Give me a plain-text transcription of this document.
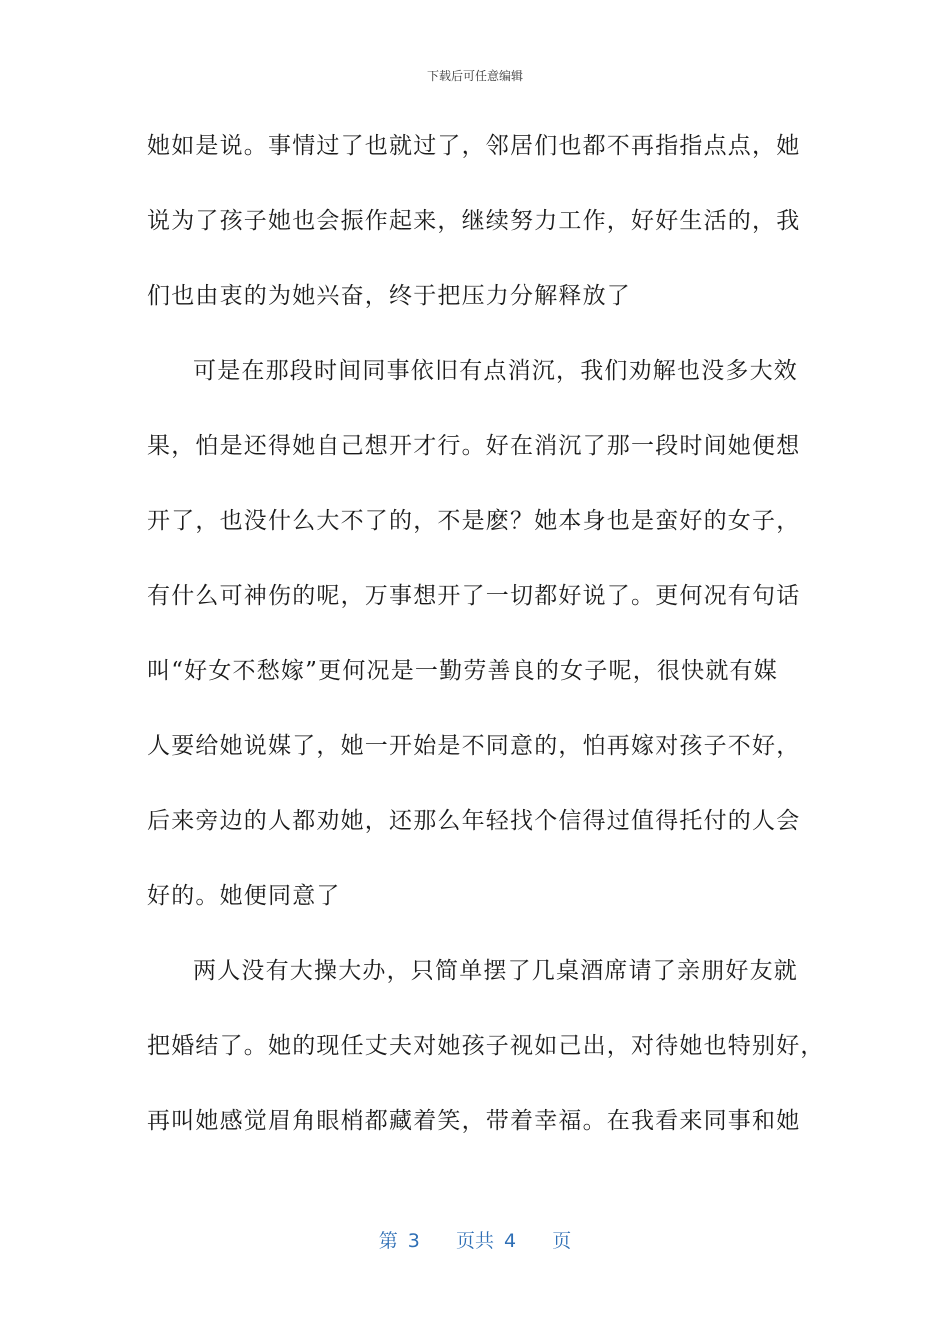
下载后可任意编辑
她如是说。事情过了也就过了，邻居们也都不再指指点点，她
说为了孩子她也会振作起来，继续努力工作，好好生活的，我
们也由衷的为她兴奋，终于把压力分解释放了
可是在那段时间同事依旧有点消沉，我们劝解也没多大效
果，怕是还得她自己想开才行。好在消沉了那一段时间她便想
开了，也没什么大不了的，不是麽？她本身也是蛮好的女子，
有什么可神伤的呢，万事想开了一切都好说了。更何况有句话
叫“好女不愁嫁”更何况是一勤劳善良的女子呢，很快就有媒
人要给她说媒了，她一开始是不同意的，怕再嫁对孩子不好，
后来旁边的人都劝她，还那么年轻找个信得过值得托付的人会
好的。她便同意了
两人没有大操大办，只简单摆了几桌酒席请了亲朋好友就
把婚结了。她的现任丈夫对她孩子视如己出，对待她也特别好，
再叫她感觉眉角眼梢都藏着笑，带着幸福。在我看来同事和她
第 3 页共 4 页
